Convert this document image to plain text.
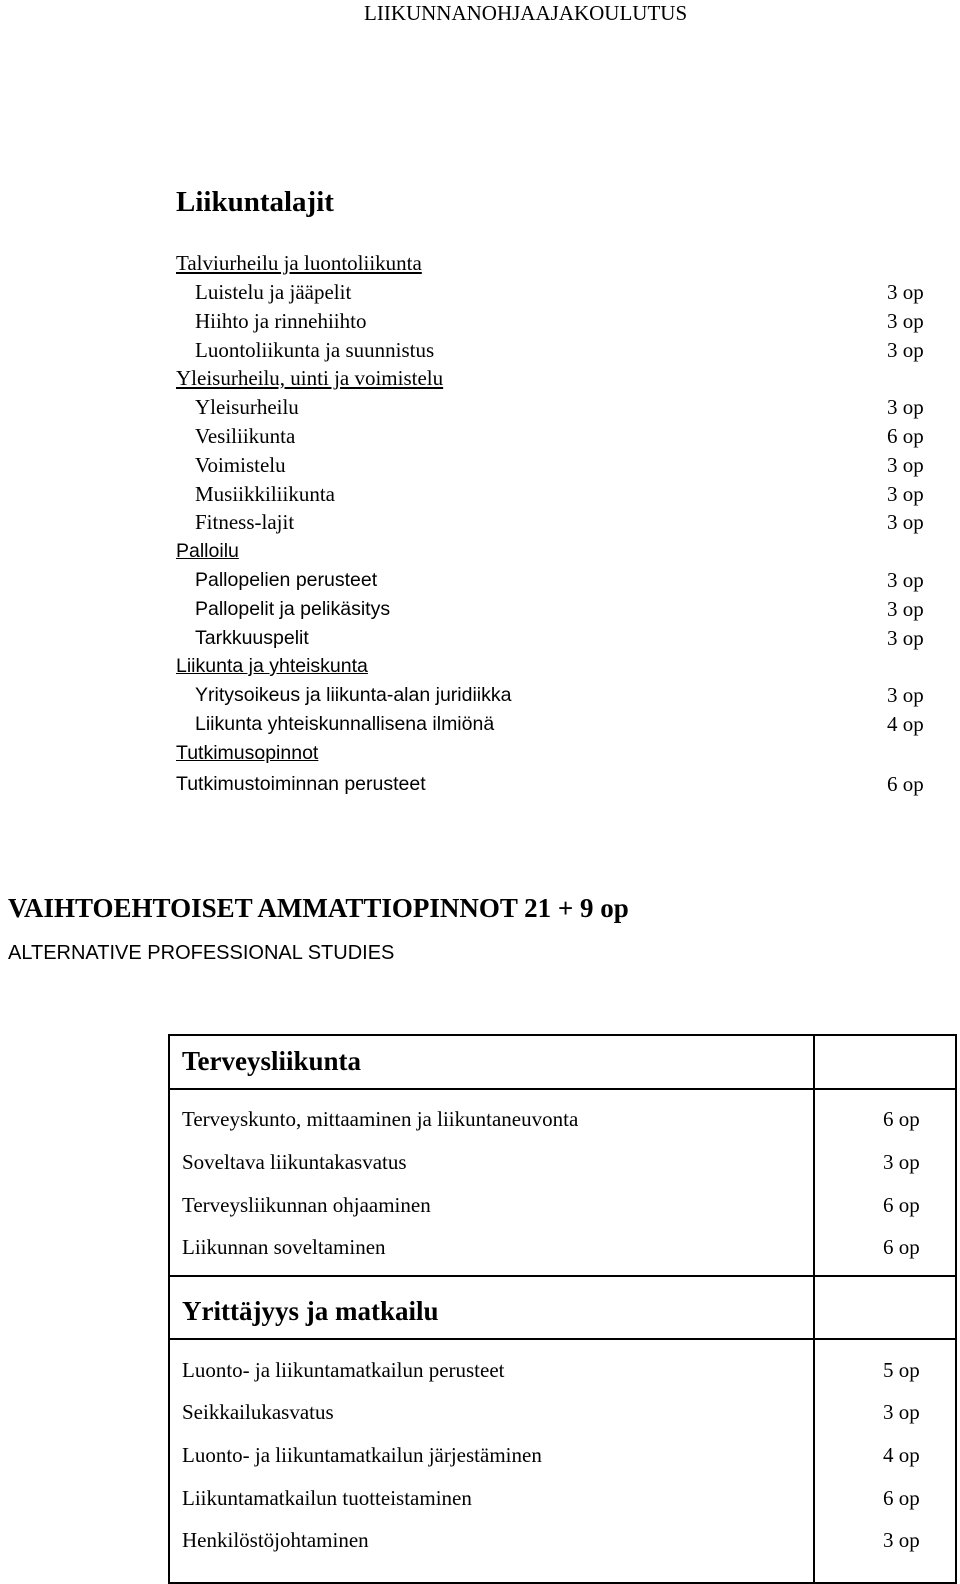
LIIKUNNANOHJAAJAKOULUTUS
Liikuntalajit
Talviurheilu ja luontoliikunta
Luistelu ja jääpelit	3 op
Hiihto ja rinnehiihto	3 op
Luontoliikunta ja suunnistus	3 op
Yleisurheilu, uinti ja voimistelu
Yleisurheilu	3 op
Vesiliikunta	6 op
Voimistelu	3 op
Musiikkiliikunta	3 op
Fitness-lajit	3 op
Palloilu
Pallopelien perusteet	3 op
Pallopelit ja pelikäsitys	3 op
Tarkkuuspelit	3 op
Liikunta ja yhteiskunta
Yritysoikeus ja liikunta-alan juridiikka	3 op
Liikunta yhteiskunnallisena ilmiönä	4 op
Tutkimusopinnot
Tutkimustoiminnan perusteet	6 op
VAIHTOEHTOISET AMMATTIOPINNOT 21 + 9 op
ALTERNATIVE PROFESSIONAL STUDIES
Terveysliikunta
Terveyskunto, mittaaminen ja liikuntaneuvonta	6 op
Soveltava liikuntakasvatus	3 op
Terveysliikunnan ohjaaminen	6 op
Liikunnan soveltaminen	6 op
Yrittäjyys ja matkailu
Luonto- ja liikuntamatkailun perusteet	5 op
Seikkailukasvatus	3 op
Luonto- ja liikuntamatkailun järjestäminen	4 op
Liikuntamatkailun tuotteistaminen	6 op
Henkilöstöjohtaminen	3 op
